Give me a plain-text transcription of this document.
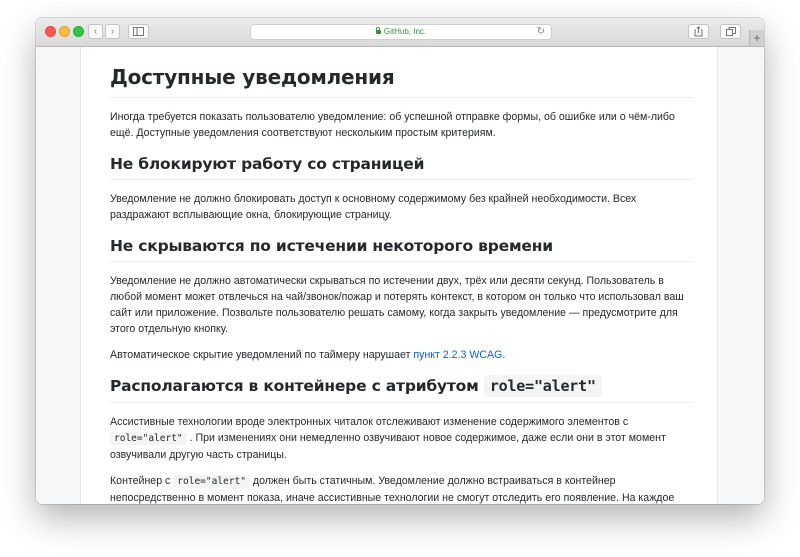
‹	›	GitHub, Inc.	↻	+
Доступные уведомления

Иногда требуется показать пользователю уведомление: об успешной отправке формы, об ошибке или о чём-либо ещё. Доступные уведомления соответствуют нескольким простым критериям.

Не блокируют работу со страницей

Уведомление не должно блокировать доступ к основному содержимому без крайней необходимости. Всех раздражают всплывающие окна, блокирующие страницу.

Не скрываются по истечении некоторого времени

Уведомление не должно автоматически скрываться по истечении двух, трёх или десяти секунд. Пользователь в любой момент может отвлечься на чай/звонок/пожар и потерять контекст, в котором он только что использовал ваш сайт или приложение. Позвольте пользователю решать самому, когда закрыть уведомление — предусмотрите для этого отдельную кнопку.

Автоматическое скрытие уведомлений по таймеру нарушает пункт 2.2.3 WCAG.

Располагаются в контейнере с атрибутом role="alert"

Ассистивные технологии вроде электронных читалок отслеживают изменение содержимого элементов с role="alert" . При изменениях они немедленно озвучивают новое содержимое, даже если они в этот момент озвучивали другую часть страницы.

Контейнер с role="alert" должен быть статичным. Уведомление должно встраиваться в контейнер непосредственно в момент показа, иначе ассистивные технологии не смогут отследить его появление. На каждое
